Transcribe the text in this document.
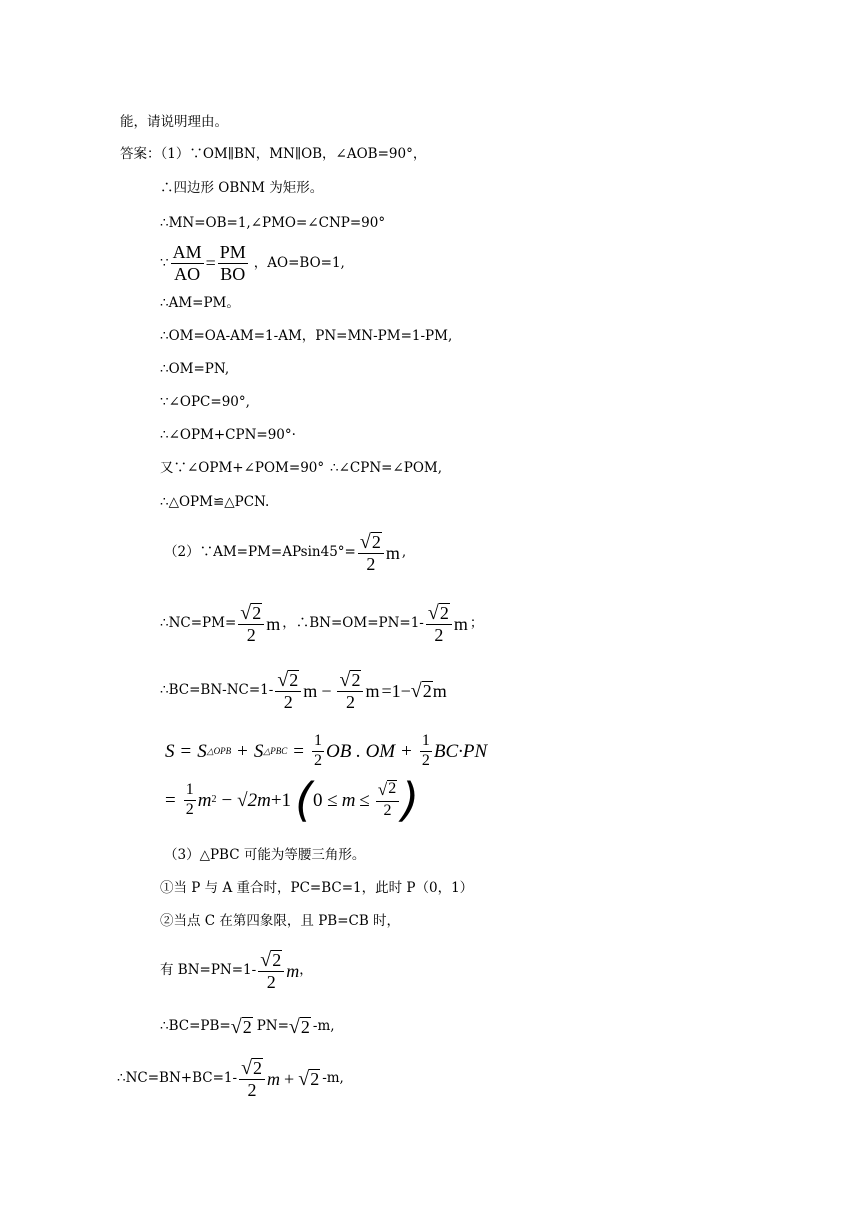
能，请说明理由。
答案：（1）∵OM∥BN，MN∥OB，∠AOB=90°，
∴四边形 OBNM 为矩形。
∴MN=OB=1,∠PMO=∠CNP=90°
∵ $\frac{AM}{AO} = \frac{PM}{BO}$ ，AO=BO=1,
∴AM=PM。
∴OM=OA-AM=1-AM，PN=MN-PM=1-PM,
∴OM=PN,
∵∠OPC=90°,
∴∠OPM+CPN=90°·
又∵∠OPM+∠POM=90° ∴∠CPN=∠POM,
∴△OPM≌△PCN.
（2）∵AM=PM=APsin45°= $\frac{√ 2}{2}$ m ,
∴NC=PM= $\frac{√ 2}{2}$ m ，∴BN=OM=PN=1- $\frac{√ 2}{2}$ m ；
∴BC=BN-NC=1- $\frac{√ 2}{2}$ $m - \frac{√ 2}{2}$ m =1− √ 2 m
S = S △OPB + S △PBC = $\frac{1}{2}$ OB . OM + $\frac{1}{2} BC\cdot PN$
= $\frac{1}{2}$ m 2 − √2m +1 ( $0 \le m \le \frac{√ 2}{2}$ )
（3）△PBC 可能为等腰三角形。
①当 P 与 A 重合时，PC=BC=1，此时 P（0，1）
②当点 C 在第四象限，且 PB=CB 时，
有 $BN=PN=1- \frac{√ 2}{2}$ m ，
∴BC=PB= √ 2 PN= √ 2 -m,
∴NC=BN+BC=1- $\frac{√ 2}{2}$ m + √ 2 -m,
